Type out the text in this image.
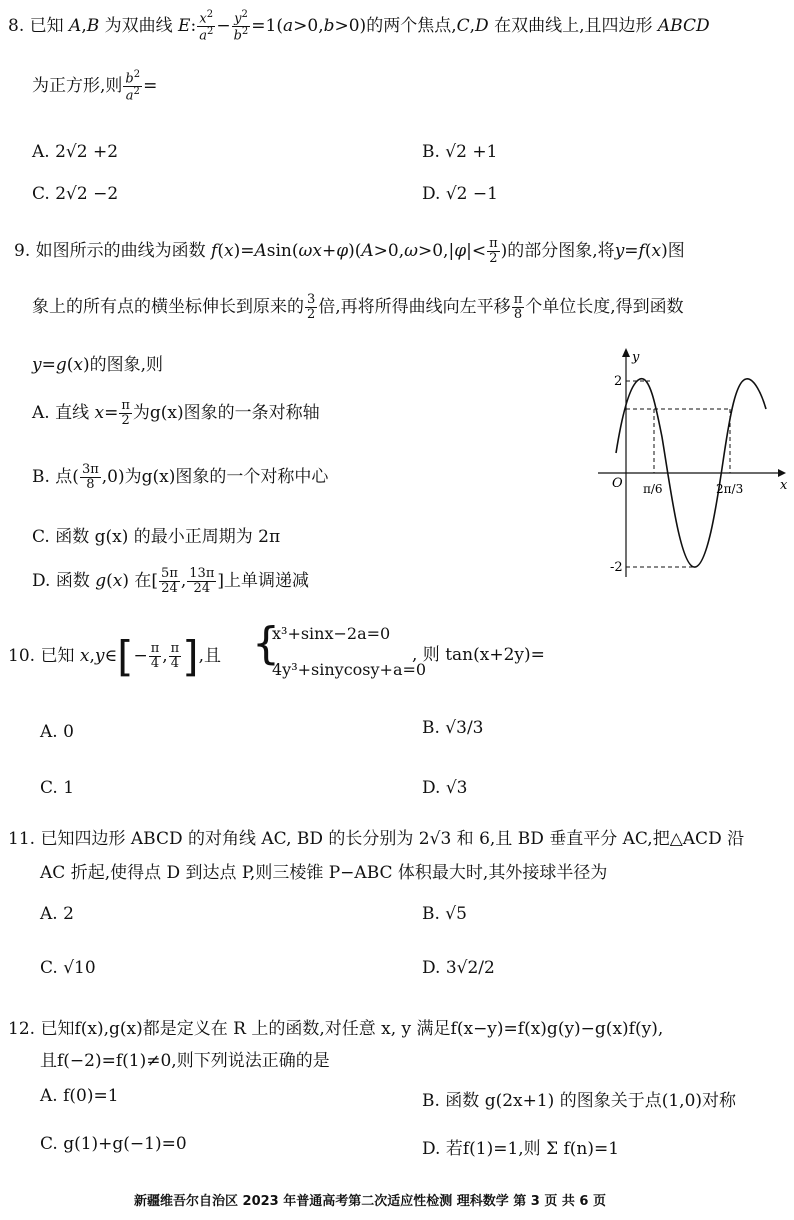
8. 已知 A,B 为双曲线 E: $\frac{x^2}{a^2} - \frac{y^2}{b^2} =1(a>0,b>0)$的两个焦点,C,D 在双曲线上,且四边形 ABCD
为正方形,则 $\frac{b^2}{a^2}$ =
A. 2√2 +2	B. √2 +1
C. 2√2 −2	D. √2 −1
9. 如图所示的曲线为函数 $f(x)=Asin(\omega x+\varphi)(A>0,\omega>0,|\varphi|< \frac{\pi}{2}$ )的部分图象,将y=f(x)图
象上的所有点的横坐标伸长到原来的 $\frac{3}{2}$ 倍,再将所得曲线向左平移 $\frac{\pi}{8}$ 个单位长度,得到函数
y=g(x)的图象,则
A. 直线 $x= \frac{\pi}{2}$ 为g(x)图象的一条对称轴
B. 点( $\frac{3\pi}{8} ,0$)为g(x)图象的一个对称中心
C. 函数 g(x) 的最小正周期为 2π
D. 函数 g(x) 在[ $\frac{5\pi}{24}$ , $\frac{13\pi}{24}$ ]上单调递减
y
x
O
2
-2
π/6	2π/3
10. 已知 x,y∈[− $\frac{\pi}{4}$ , $\frac{\pi}{4}$ ],且 {
x³+sinx−2a=0
4y³+sinycosy+a=0
, 则 tan(x+2y)=
A. 0	B. √3/3
C. 1	D. √3
11. 已知四边形 ABCD 的对角线 AC, BD 的长分别为 2√3 和 6,且 BD 垂直平分 AC,把△ACD 沿
AC 折起,使得点 D 到达点 P,则三棱锥 P−ABC 体积最大时,其外接球半径为
A. 2	B. √5
C. √10	D. 3√2/2
12. 已知f(x),g(x)都是定义在 R 上的函数,对任意 x, y 满足f(x−y)=f(x)g(y)−g(x)f(y),
且f(−2)=f(1)≠0,则下列说法正确的是
A. f(0)=1	B. 函数 g(2x+1) 的图象关于点(1,0)对称
C. g(1)+g(−1)=0	D. 若f(1)=1,则 Σ f(n)=1
新疆维吾尔自治区 2023 年普通高考第二次适应性检测 理科数学 第 3 页 共 6 页
